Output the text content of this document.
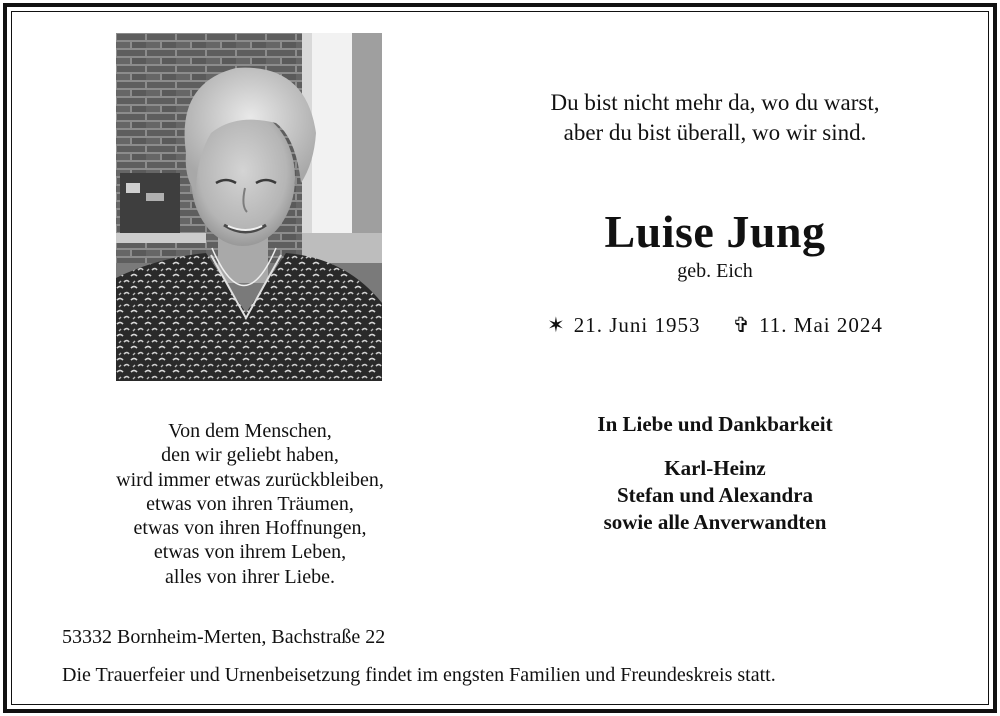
Du bist nicht mehr da, wo du warst,
aber du bist überall, wo wir sind.
Luise Jung
geb. Eich
✶ 21. Juni 1953 ✞ 11. Mai 2024
Von dem Menschen,
den wir geliebt haben,
wird immer etwas zurückbleiben,
etwas von ihren Träumen,
etwas von ihren Hoffnungen,
etwas von ihrem Leben,
alles von ihrer Liebe.
In Liebe und Dankbarkeit
Karl-Heinz
Stefan und Alexandra
sowie alle Anverwandten
53332 Bornheim-Merten, Bachstraße 22
Die Trauerfeier und Urnenbeisetzung findet im engsten Familien und Freundeskreis statt.
